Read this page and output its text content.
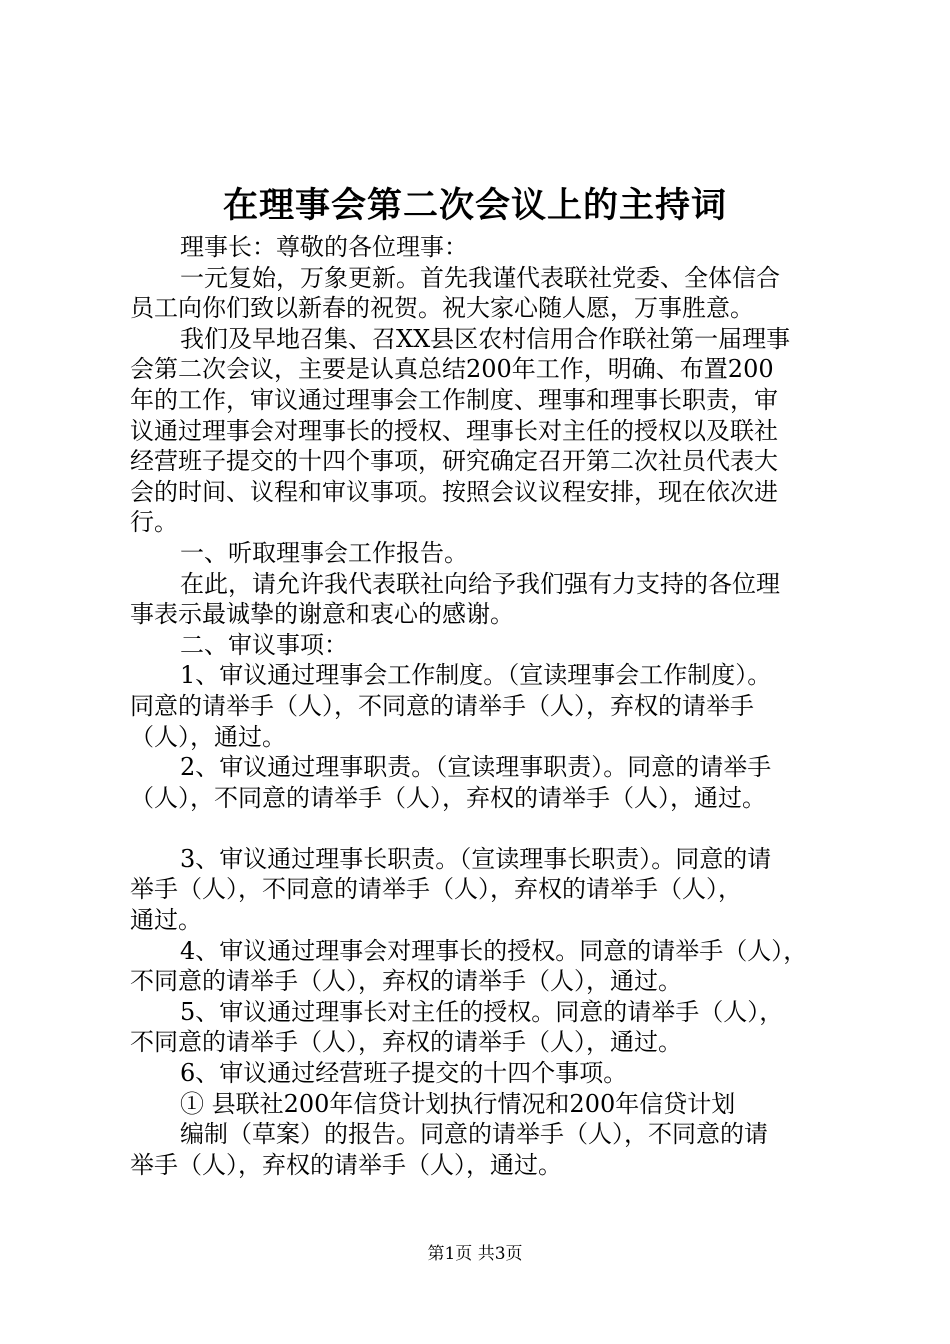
在理事会第二次会议上的主持词
理事长：尊敬的各位理事：
一元复始，万象更新。首先我谨代表联社党委、全体信合
员工向你们致以新春的祝贺。祝大家心随人愿，万事胜意。
我们及早地召集、召XX县区农村信用合作联社第一届理事
会第二次会议，主要是认真总结200年工作，明确、布置200
年的工作，审议通过理事会工作制度、理事和理事长职责，审
议通过理事会对理事长的授权、理事长对主任的授权以及联社
经营班子提交的十四个事项，研究确定召开第二次社员代表大
会的时间、议程和审议事项。按照会议议程安排，现在依次进
行。
一、听取理事会工作报告。
在此，请允许我代表联社向给予我们强有力支持的各位理
事表示最诚挚的谢意和衷心的感谢。
二、审议事项：
1、审议通过理事会工作制度。（宣读理事会工作制度）。
同意的请举手（人），不同意的请举手（人），弃权的请举手
（人），通过。
2、审议通过理事职责。（宣读理事职责）。同意的请举手
（人），不同意的请举手（人），弃权的请举手（人），通过。
3、审议通过理事长职责。（宣读理事长职责）。同意的请
举手（人），不同意的请举手（人），弃权的请举手（人），
通过。
4、审议通过理事会对理事长的授权。同意的请举手（人），
不同意的请举手（人），弃权的请举手（人），通过。
5、审议通过理事长对主任的授权。同意的请举手（人），
不同意的请举手（人），弃权的请举手（人），通过。
6、审议通过经营班子提交的十四个事项。
① 县联社200年信贷计划执行情况和200年信贷计划
编制（草案）的报告。同意的请举手（人），不同意的请
举手（人），弃权的请举手（人），通过。
第1页 共3页
